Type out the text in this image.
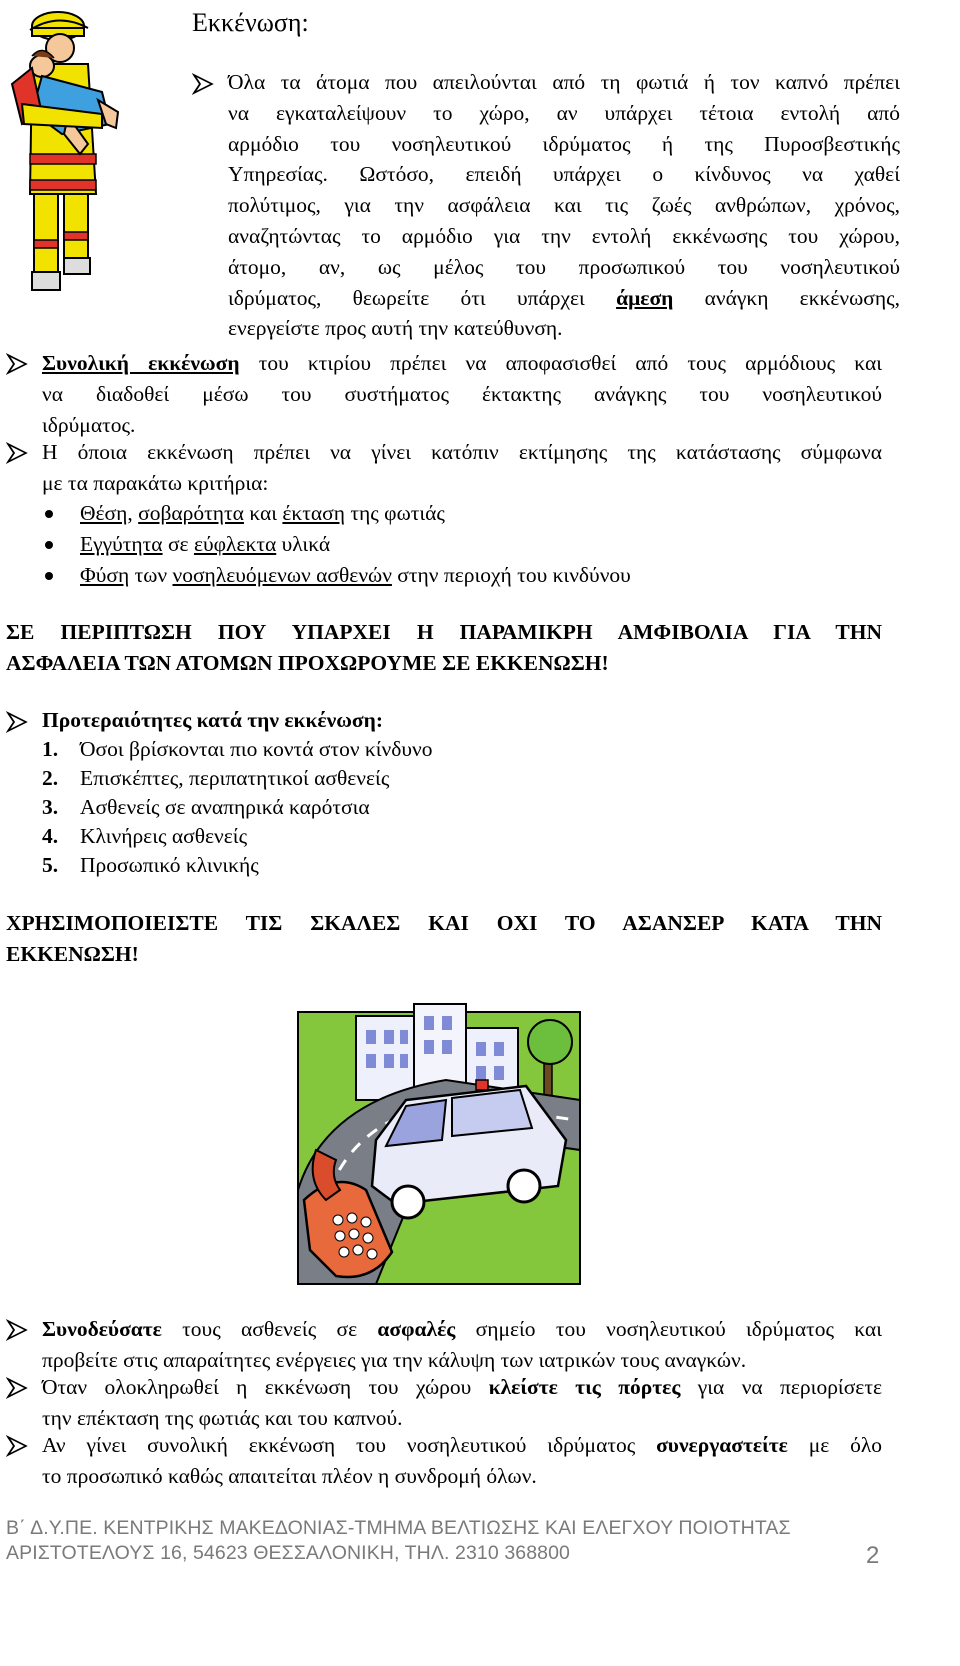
Εκκένωση:
Όλα τα άτομα που απειλούνται από τη φωτιά ή τον καπνό πρέπει
να εγκαταλείψουν το χώρο, αν υπάρχει τέτοια εντολή από
αρμόδιο του νοσηλευτικού ιδρύματος ή της Πυροσβεστικής
Υπηρεσίας. Ωστόσο, επειδή υπάρχει ο κίνδυνος να χαθεί
πολύτιμος, για την ασφάλεια και τις ζωές ανθρώπων, χρόνος,
αναζητώντας το αρμόδιο για την εντολή εκκένωσης του χώρου,
άτομο, αν, ως μέλος του προσωπικού του νοσηλευτικού
ιδρύματος, θεωρείτε ότι υπάρχει άμεση ανάγκη εκκένωσης,
ενεργείστε προς αυτή την κατεύθυνση.
Συνολική εκκένωση του κτιρίου πρέπει να αποφασισθεί από τους αρμόδιους και
να διαδοθεί μέσω του συστήματος έκτακτης ανάγκης του νοσηλευτικού
ιδρύματος.
Η όποια εκκένωση πρέπει να γίνει κατόπιν εκτίμησης της κατάστασης σύμφωνα
με τα παρακάτω κριτήρια:
Θέση, σοβαρότητα και έκταση της φωτιάς
Εγγύτητα σε εύφλεκτα υλικά
Φύση των νοσηλευόμενων ασθενών στην περιοχή του κινδύνου
ΣΕ ΠΕΡΙΠΤΩΣΗ ΠΟΥ ΥΠΑΡΧΕΙ Η ΠΑΡΑΜΙΚΡΗ ΑΜΦΙΒΟΛΙΑ ΓΙΑ ΤΗΝ
ΑΣΦΑΛΕΙΑ ΤΩΝ ΑΤΟΜΩΝ ΠΡΟΧΩΡΟΥΜΕ ΣΕ ΕΚΚΕΝΩΣΗ!
Προτεραιότητες κατά την εκκένωση:
1. Όσοι βρίσκονται πιο κοντά στον κίνδυνο
2. Επισκέπτες, περιπατητικοί ασθενείς
3. Ασθενείς σε αναπηρικά καρότσια
4. Κλινήρεις ασθενείς
5. Προσωπικό κλινικής
ΧΡΗΣΙΜΟΠΟΙΕΙΣΤΕ ΤΙΣ ΣΚΑΛΕΣ ΚΑΙ ΟΧΙ ΤΟ ΑΣΑΝΣΕΡ ΚΑΤΑ ΤΗΝ
ΕΚΚΕΝΩΣΗ!
Συνοδεύσατε τους ασθενείς σε ασφαλές σημείο του νοσηλευτικού ιδρύματος και
προβείτε στις απαραίτητες ενέργειες για την κάλυψη των ιατρικών τους αναγκών.
Όταν ολοκληρωθεί η εκκένωση του χώρου κλείστε τις πόρτες για να περιορίσετε
την επέκταση της φωτιάς και του καπνού.
Αν γίνει συνολική εκκένωση του νοσηλευτικού ιδρύματος συνεργαστείτε με όλο
το προσωπικό καθώς απαιτείται πλέον η συνδρομή όλων.
Β΄ Δ.Υ.ΠΕ. ΚΕΝΤΡΙΚΗΣ ΜΑΚΕΔΟΝΙΑΣ-ΤΜΗΜΑ ΒΕΛΤΙΩΣΗΣ ΚΑΙ ΕΛΕΓΧΟΥ ΠΟΙΟΤΗΤΑΣ
ΑΡΙΣΤΟΤΕΛΟΥΣ 16, 54623 ΘΕΣΣΑΛΟΝΙΚΗ, ΤΗΛ. 2310 368800	2
